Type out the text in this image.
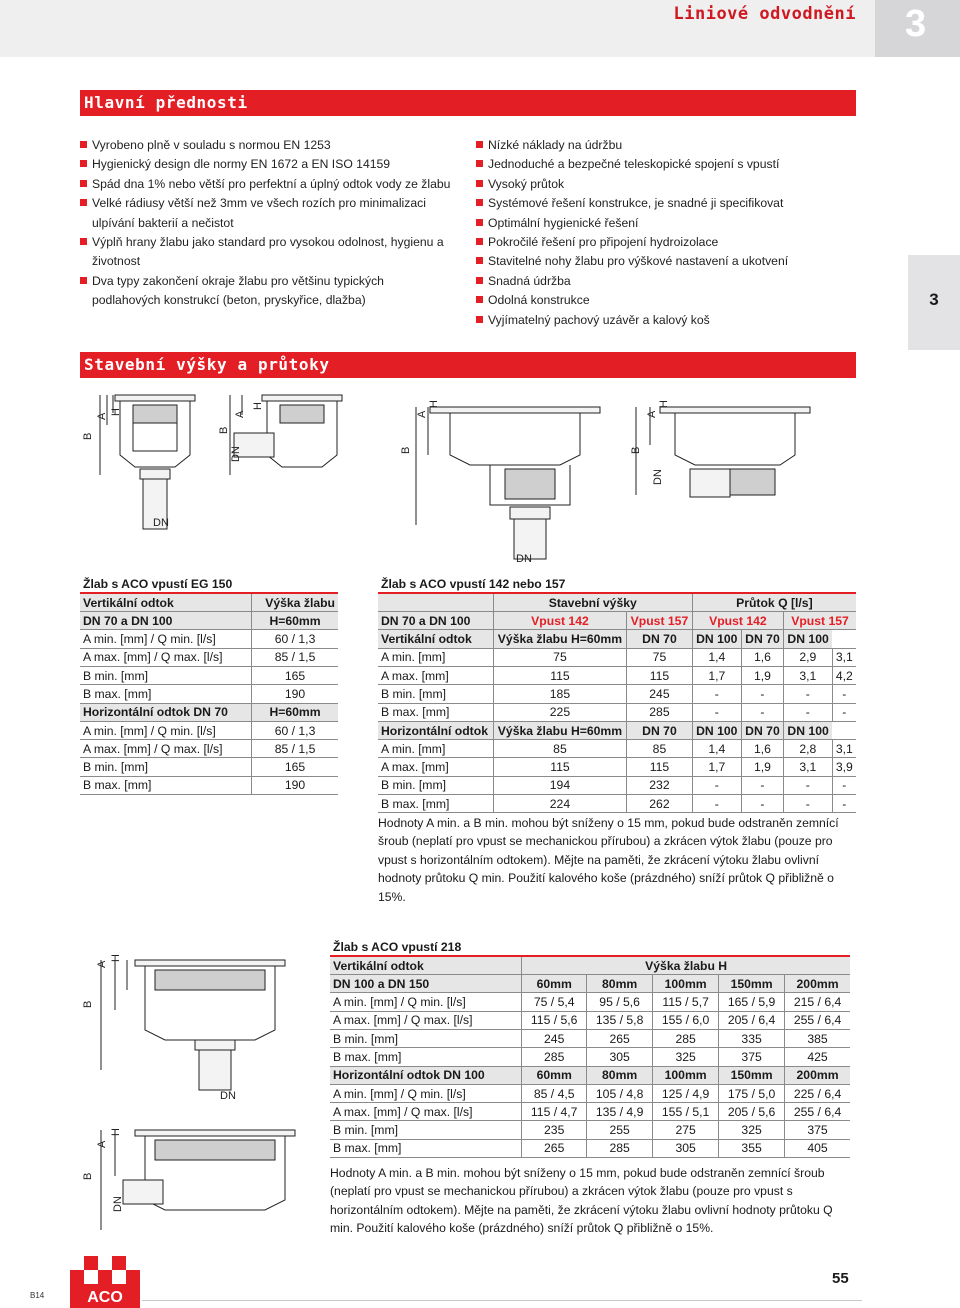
Liniové odvodnění 3
3
Hlavní přednosti
Vyrobeno plně v souladu s normou EN 1253
Hygienický design dle normy EN 1672 a EN ISO 14159
Spád dna 1% nebo větší pro perfektní a úplný odtok vody ze žlabu
Velké rádiusy větší než 3mm ve všech rozích pro minimalizaci ulpívání bakterií a nečistot
Výplň hrany žlabu jako standard pro vysokou odolnost, hygienu a životnost
Dva typy zakončení okraje žlabu pro většinu typických podlahových konstrukcí (beton, pryskyřice, dlažba)
Nízké náklady na údržbu
Jednoduché a bezpečné teleskopické spojení s vpustí
Vysoký průtok
Systémové řešení konstrukce, je snadné ji specifikovat
Optimální hygienické řešení
Pokročilé řešení pro připojení hydroizolace
Stavitelné nohy žlabu pro výškové nastavení a ukotvení
Snadná údržba
Odolná konstrukce
Vyjímatelný pachový uzávěr a kalový koš
Stavební výšky a průtoky
B
A
H
DN
B
A
H
DN	B
A
H
DN
B
A
H
DN
Žlab s ACO vpustí EG 150	
Vertikální odtok	Výška žlabu
DN 70 a DN 100	H=60mm
A min. [mm] / Q min. [l/s]	60 / 1,3
A max. [mm] / Q max. [l/s]	85 / 1,5
B min. [mm]	165
B max. [mm]	190
Horizontální odtok DN 70	H=60mm
A min. [mm] / Q min. [l/s]	60 / 1,3
A max. [mm] / Q max. [l/s]	85 / 1,5
B min. [mm]	165
B max. [mm]	190
Žlab s ACO vpustí 142 nebo 157						
	Stavební výšky		Průtok Q [l/s]			
DN 70 a DN 100	Vpust 142	Vpust 157	Vpust 142		Vpust 157	
Vertikální odtok	Výška žlabu H=60mm	DN 70	DN 100	DN 70	DN 100	
A min. [mm]	75	75	1,4	1,6	2,9	3,1
A max. [mm]	115	115	1,7	1,9	3,1	4,2
B min. [mm]	185	245	-	-	-	-
B max. [mm]	225	285	-	-	-	-
Horizontální odtok	Výška žlabu H=60mm	DN 70	DN 100	DN 70	DN 100	
A min. [mm]	85	85	1,4	1,6	2,8	3,1
A max. [mm]	115	115	1,7	1,9	3,1	3,9
B min. [mm]	194	232	-	-	-	-
B max. [mm]	224	262	-	-	-	-
Hodnoty A min. a B min. mohou být sníženy o 15 mm, pokud bude odstraněn zemnící šroub (neplatí pro vpust se mechanickou přírubou) a zkrácen výtok žlabu (pouze pro vpust s horizontálním odtokem). Mějte na paměti, že zkrácení výtoku žlabu ovlivní hodnoty průtoku Q min. Použití kalového koše (prázdného) sníží průtok Q přibližně o 15%.
B
A
H
DN
B
A
H
DN
Žlab s ACO vpustí 218					
Vertikální odtok	Výška žlabu H				
DN 100 a DN 150	60mm	80mm	100mm	150mm	200mm
A min. [mm] / Q min. [l/s]	75 / 5,4	95 / 5,6	115 / 5,7	165 / 5,9	215 / 6,4
A max. [mm] / Q max. [l/s]	115 / 5,6	135 / 5,8	155 / 6,0	205 / 6,4	255 / 6,4
B min. [mm]	245	265	285	335	385
B max. [mm]	285	305	325	375	425
Horizontální odtok DN 100	60mm	80mm	100mm	150mm	200mm
A min. [mm] / Q min. [l/s]	85 / 4,5	105 / 4,8	125 / 4,9	175 / 5,0	225 / 6,4
A max. [mm] / Q max. [l/s]	115 / 4,7	135 / 4,9	155 / 5,1	205 / 5,6	255 / 6,4
B min. [mm]	235	255	275	325	375
B max. [mm]	265	285	305	355	405
Hodnoty A min. a B min. mohou být sníženy o 15 mm, pokud bude odstraněn zemnící šroub (neplatí pro vpust se mechanickou přírubou) a zkrácen výtok žlabu (pouze pro vpust s horizontálním odtokem). Mějte na paměti, že zkrácení výtoku žlabu ovlivní hodnoty průtoku Q min. Použití kalového koše (prázdného) sníží průtok Q přibližně o 15%.
ACO
55
B14
